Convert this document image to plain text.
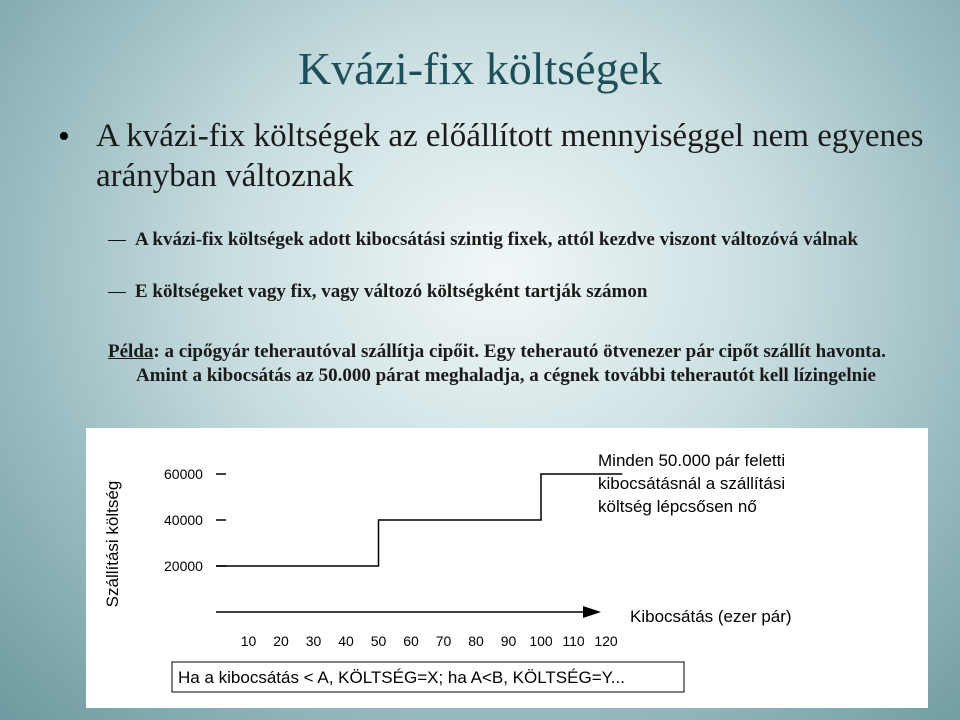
Kvázi-fix költségek
• A kvázi-fix költségek az előállított mennyiséggel nem egyenes arányban változnak
A kvázi-fix költségek adott kibocsátási szintig fixek, attól kezdve viszont változóvá válnak
E költségeket vagy fix, vagy változó költségként tartják számon
Példa: a cipőgyár teherautóval szállítja cipőit. Egy teherautó ötvenezer pár cipőt szállít havonta. Amint a kibocsátás az 50.000 párat meghaladja, a cégnek további teherautót kell lízingelnie
Szállítási költség
Kibocsátás (ezer pár)
10 20 30 40 50 60 70 80 90 100 110 120
20000
40000
60000
Minden 50.000 pár feletti kibocsátásnál a szállítási költség lépcsősen nő
Ha a kibocsátás < A, KÖLTSÉG=X; ha A<B, KÖLTSÉG=Y...
